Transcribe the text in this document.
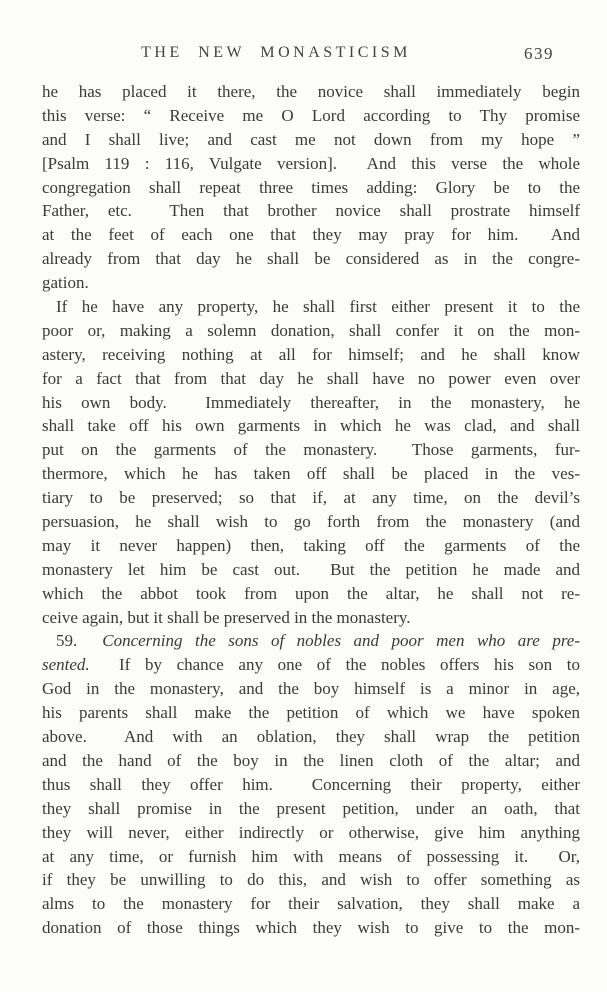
THE NEW MONASTICISM	639
he has placed it there, the novice shall immediately begin
this verse: “ Receive me O Lord according to Thy promise
and I shall live; and cast me not down from my hope ”
[Psalm 119 : 116, Vulgate version].  And this verse the whole
congregation shall repeat three times adding: Glory be to the
Father, etc.  Then that brother novice shall prostrate himself
at the feet of each one that they may pray for him.  And
already from that day he shall be considered as in the congre-
gation.
If he have any property, he shall first either present it to the
poor or, making a solemn donation, shall confer it on the mon-
astery, receiving nothing at all for himself; and he shall know
for a fact that from that day he shall have no power even over
his own body.  Immediately thereafter, in the monastery, he
shall take off his own garments in which he was clad, and shall
put on the garments of the monastery.  Those garments, fur-
thermore, which he has taken off shall be placed in the ves-
tiary to be preserved; so that if, at any time, on the devil’s
persuasion, he shall wish to go forth from the monastery (and
may it never happen) then, taking off the garments of the
monastery let him be cast out.  But the petition he made and
which the abbot took from upon the altar, he shall not re-
ceive again, but it shall be preserved in the monastery.
59.  Concerning the sons of nobles and poor men who are pre-
sented.  If by chance any one of the nobles offers his son to
God in the monastery, and the boy himself is a minor in age,
his parents shall make the petition of which we have spoken
above.  And with an oblation, they shall wrap the petition
and the hand of the boy in the linen cloth of the altar; and
thus shall they offer him.  Concerning their property, either
they shall promise in the present petition, under an oath, that
they will never, either indirectly or otherwise, give him anything
at any time, or furnish him with means of possessing it.  Or,
if they be unwilling to do this, and wish to offer something as
alms to the monastery for their salvation, they shall make a
donation of those things which they wish to give to the mon-
